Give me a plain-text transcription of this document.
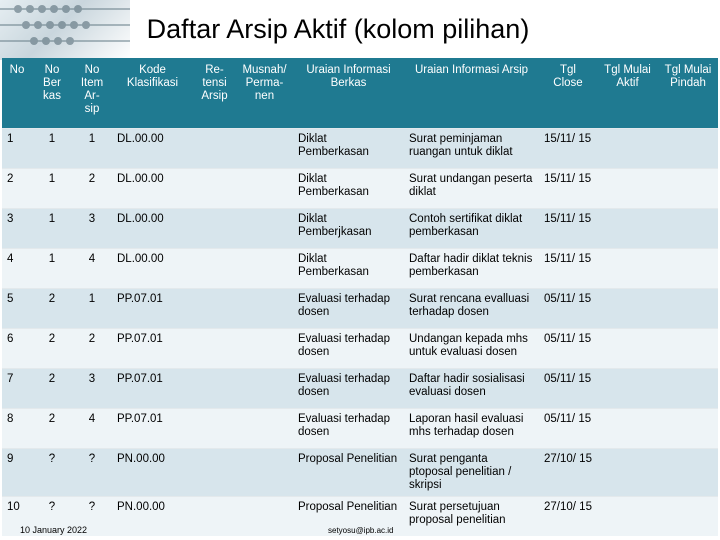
Daftar Arsip Aktif (kolom pilihan)
No	No Ber kas	No Item Ar- sip	Kode Klasifikasi	Re- tensi Arsip	Musnah/ Perma- nen	Uraian Informasi Berkas	Uraian Informasi Arsip	Tgl Close	Tgl Mulai Aktif	Tgl Mulai Pindah
1	1	1	DL.00.00			Diklat Pemberkasan	Surat peminjaman ruangan untuk diklat	15/11/ 15		
2	1	2	DL.00.00			Diklat Pemberkasan	Surat undangan peserta diklat	15/11/ 15		
3	1	3	DL.00.00			Diklat Pemberjkasan	Contoh sertifikat diklat pemberkasan	15/11/ 15		
4	1	4	DL.00.00			Diklat Pemberkasan	Daftar hadir diklat teknis pemberkasan	15/11/ 15		
5	2	1	PP.07.01			Evaluasi terhadap dosen	Surat rencana evalluasi terhadap dosen	05/11/ 15		
6	2	2	PP.07.01			Evaluasi terhadap dosen	Undangan kepada mhs untuk evaluasi dosen	05/11/ 15		
7	2	3	PP.07.01			Evaluasi terhadap dosen	Daftar hadir sosialisasi evaluasi dosen	05/11/ 15		
8	2	4	PP.07.01			Evaluasi terhadap dosen	Laporan hasil evaluasi mhs terhadap dosen	05/11/ 15		
9	?	?	PN.00.00			Proposal Penelitian	Surat penganta ptoposal penelitian / skripsi	27/10/ 15		
10	?	?	PN.00.00			Proposal Penelitian	Surat persetujuan proposal penelitian	27/10/ 15		
10 January 2022	setyosu@ipb.ac.id
